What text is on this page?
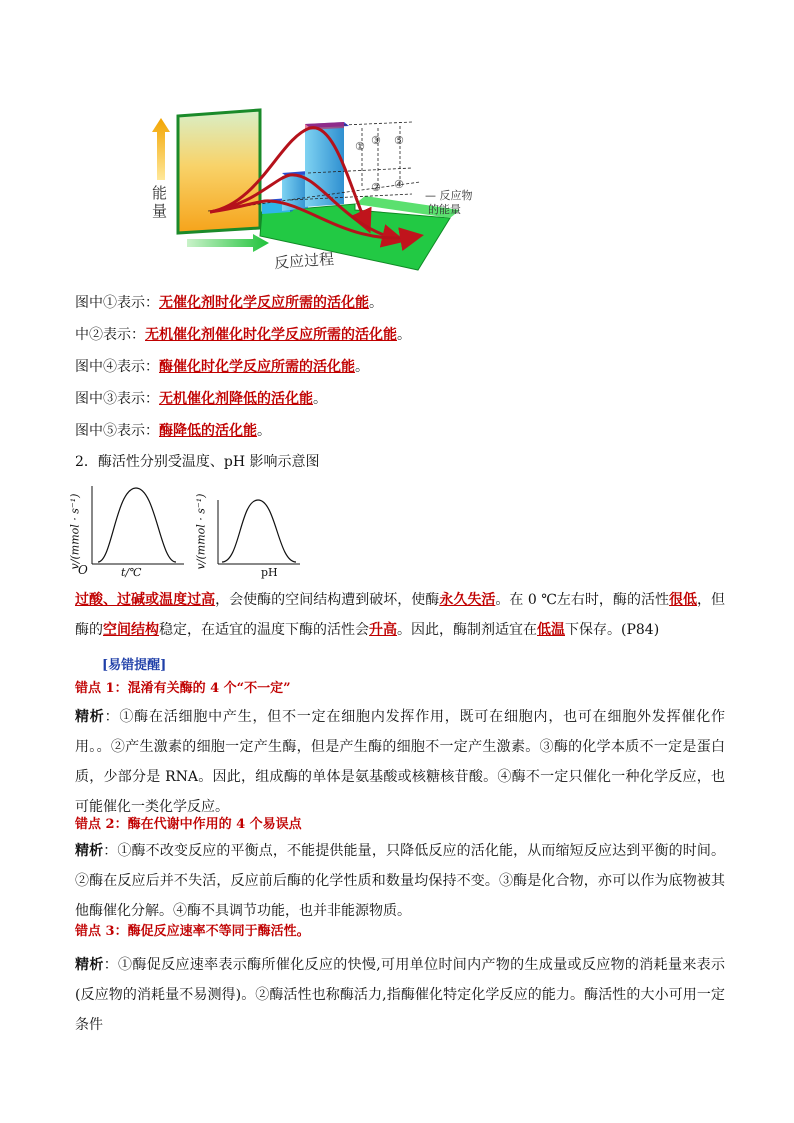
能量
反应过程
— 反应物
的能量
① ③ ⑤
② ④
图中①表示：无催化剂时化学反应所需的活化能。
中②表示：无机催化剂催化时化学反应所需的活化能。
图中④表示：酶催化时化学反应所需的活化能。
图中③表示：无机催化剂降低的活化能。
图中⑤表示：酶降低的活化能。
2．酶活性分别受温度、pH 影响示意图
v/(mmol · s⁻¹)
O	t/℃
v/(mmol · s⁻¹)
pH
过酸、过碱或温度过高，会使酶的空间结构遭到破坏，使酶永久失活。在 0 ℃左右时，酶的活性很低，但酶的空间结构稳定，在适宜的温度下酶的活性会升高。因此，酶制剂适宜在低温下保存。(P84)
[易错提醒]
错点 1：混淆有关酶的 4 个“不一定”
精析：①酶在活细胞中产生，但不一定在细胞内发挥作用，既可在细胞内，也可在细胞外发挥催化作用。。②产生激素的细胞一定产生酶，但是产生酶的细胞不一定产生激素。③酶的化学本质不一定是蛋白质，少部分是 RNA。因此，组成酶的单体是氨基酸或核糖核苷酸。④酶不一定只催化一种化学反应，也可能催化一类化学反应。
错点 2：酶在代谢中作用的 4 个易误点
精析：①酶不改变反应的平衡点，不能提供能量，只降低反应的活化能，从而缩短反应达到平衡的时间。②酶在反应后并不失活，反应前后酶的化学性质和数量均保持不变。③酶是化合物，亦可以作为底物被其他酶催化分解。④酶不具调节功能，也并非能源物质。
错点 3：酶促反应速率不等同于酶活性。
精析：①酶促反应速率表示酶所催化反应的快慢,可用单位时间内产物的生成量或反应物的消耗量来表示(反应物的消耗量不易测得)。②酶活性也称酶活力,指酶催化特定化学反应的能力。酶活性的大小可用一定条件
